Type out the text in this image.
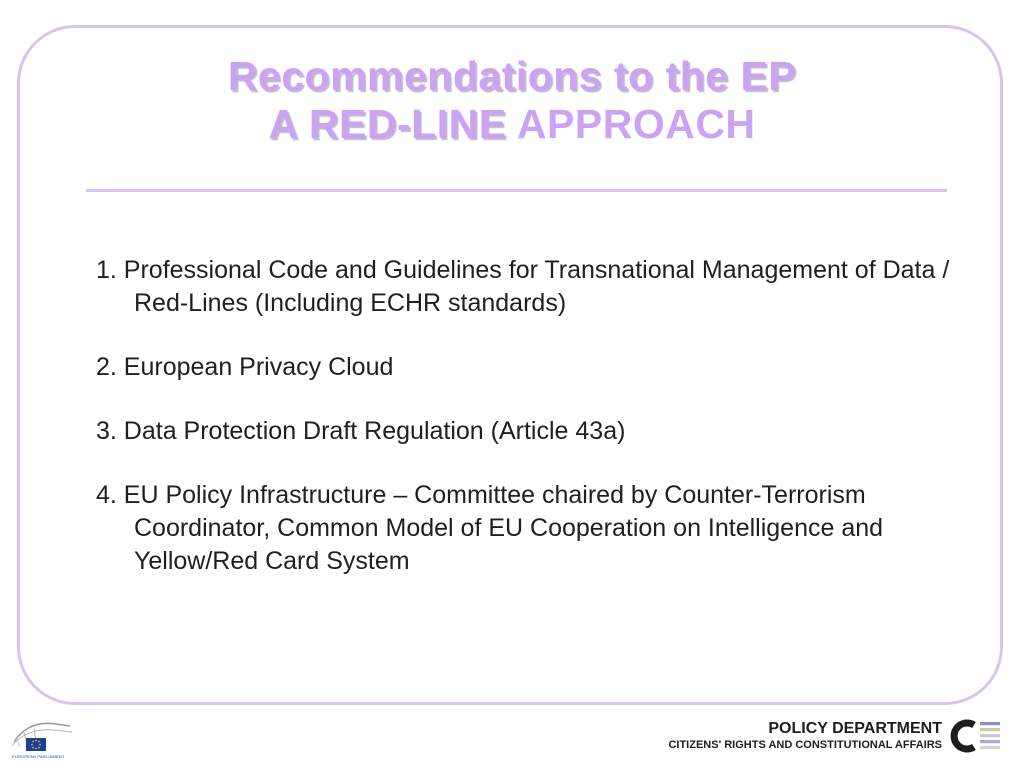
Recommendations to the EP
A RED-LINE APPROACH
1. Professional Code and Guidelines for Transnational Management of Data / Red-Lines (Including ECHR standards)
2. European Privacy Cloud
3. Data Protection Draft Regulation (Article 43a)
4. EU Policy Infrastructure – Committee chaired by Counter-Terrorism Coordinator, Common Model of EU Cooperation on Intelligence and Yellow/Red Card System
EUROPEAN PARLIAMENT
POLICY DEPARTMENT
CITIZENS' RIGHTS AND CONSTITUTIONAL AFFAIRS
